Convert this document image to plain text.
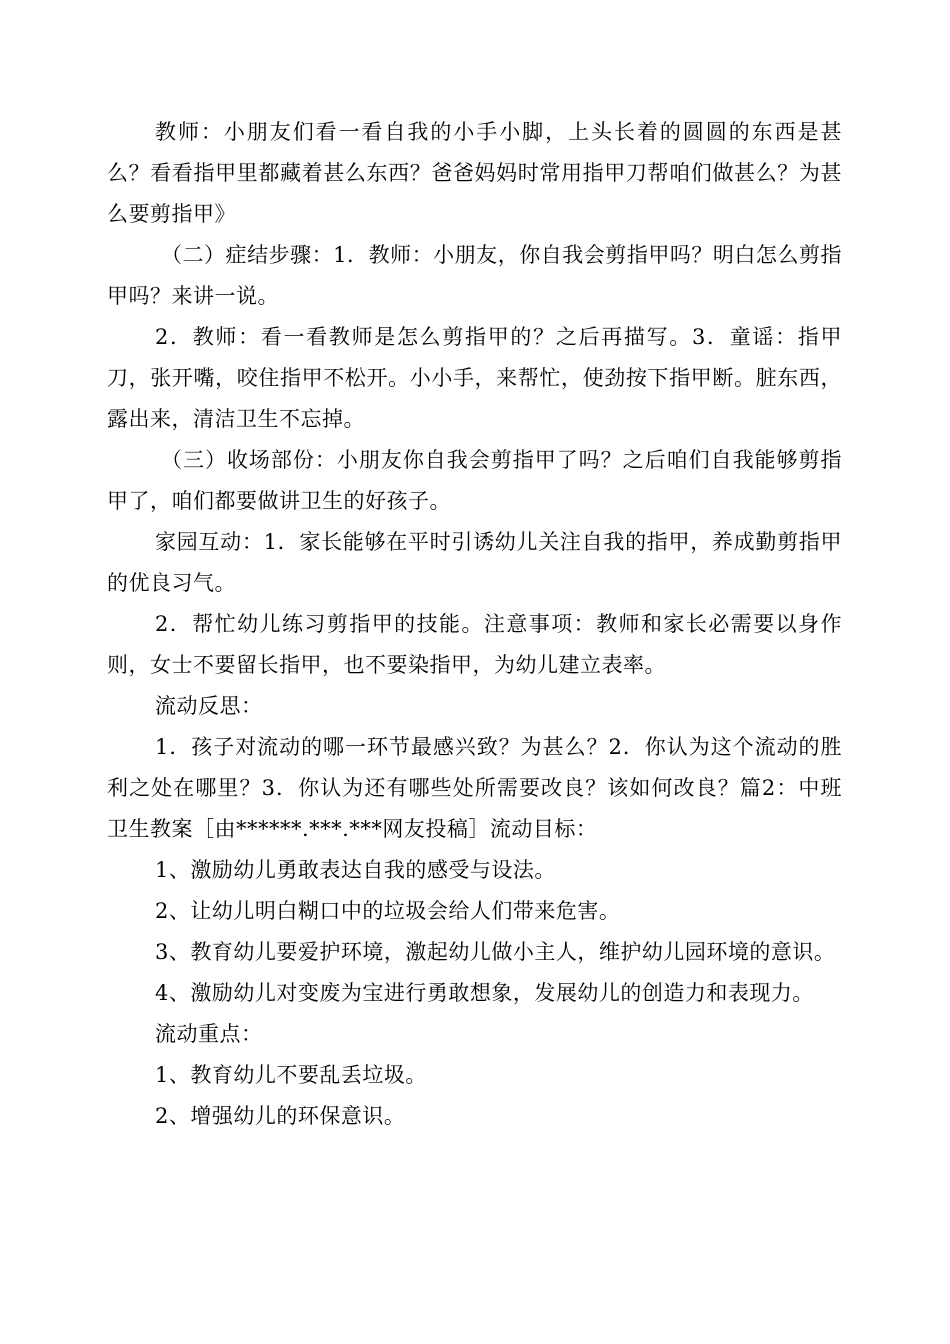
教师：小朋友们看一看自我的小手小脚，上头长着的圆圆的东西是甚么？看看指甲里都藏着甚么东西？爸爸妈妈时常用指甲刀帮咱们做甚么？为甚么要剪指甲》

（二）症结步骤：1．教师：小朋友，你自我会剪指甲吗？明白怎么剪指甲吗？来讲一说。

2．教师：看一看教师是怎么剪指甲的？之后再描写。3．童谣：指甲刀，张开嘴，咬住指甲不松开。小小手，来帮忙，使劲按下指甲断。脏东西，露出来，清洁卫生不忘掉。

（三）收场部份：小朋友你自我会剪指甲了吗？之后咱们自我能够剪指甲了，咱们都要做讲卫生的好孩子。

家园互动：1．家长能够在平时引诱幼儿关注自我的指甲，养成勤剪指甲的优良习气。

2．帮忙幼儿练习剪指甲的技能。注意事项：教师和家长必需要以身作则，女士不要留长指甲，也不要染指甲，为幼儿建立表率。

流动反思：

1．孩子对流动的哪一环节最感兴致？为甚么？2．你认为这个流动的胜利之处在哪里？3．你认为还有哪些处所需要改良？该如何改良？篇2：中班卫生教案［由******.***.***网友投稿］流动目标：

1、激励幼儿勇敢表达自我的感受与设法。

2、让幼儿明白糊口中的垃圾会给人们带来危害。

3、教育幼儿要爱护环境，激起幼儿做小主人，维护幼儿园环境的意识。

4、激励幼儿对变废为宝进行勇敢想象，发展幼儿的创造力和表现力。

流动重点：

1、教育幼儿不要乱丢垃圾。

2、增强幼儿的环保意识。
